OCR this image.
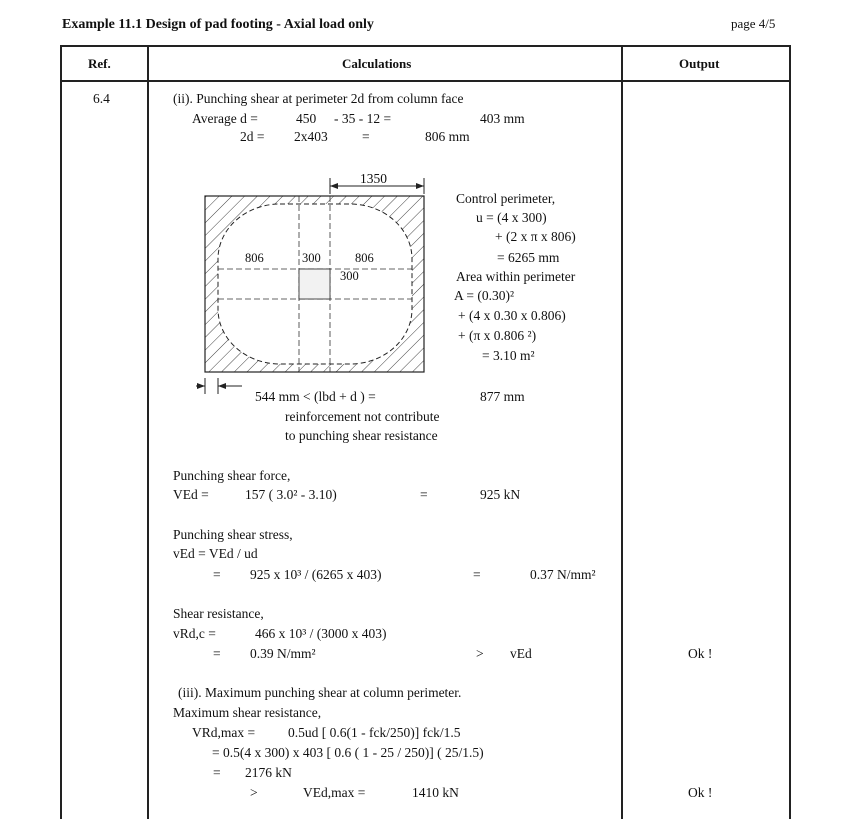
Example 11.1 Design of pad footing - Axial load only	page 4/5
Ref.	Calculations	Output
6.4	(ii). Punching shear at perimeter 2d from column face
Average d =	450 - 35 - 12 =	403 mm
2d = 2x403	=	806 mm
1350
806	300	806
300
Control perimeter,
u = (4 x 300)
+ (2 x π x 806)
= 6265 mm
Area within perimeter
A = (0.30)²
+ (4 x 0.30 x 0.806)
+ (π x 0.806 ²)
= 3.10 m²
544 mm < (lbd + d ) =	877 mm
reinforcement not contribute
to punching shear resistance
Punching shear force,
VEd =	157 ( 3.0² - 3.10)	=	925 kN
Punching shear stress,
vEd = VEd / ud
= 925 x 10³ / (6265 x 403)	=	0.37 N/mm²
Shear resistance,
vRd,c =	466 x 10³ / (3000 x 403)
= 0.39 N/mm²	> vEd	Ok !
(iii). Maximum punching shear at column perimeter.
Maximum shear resistance,
VRd,max = 0.5ud [ 0.6(1 - fck/250)] fck/1.5
= 0.5(4 x 300) x 403 [ 0.6 ( 1 - 25 / 250)] ( 25/1.5)
= 2176 kN
>	VEd,max =	1410 kN	Ok !
